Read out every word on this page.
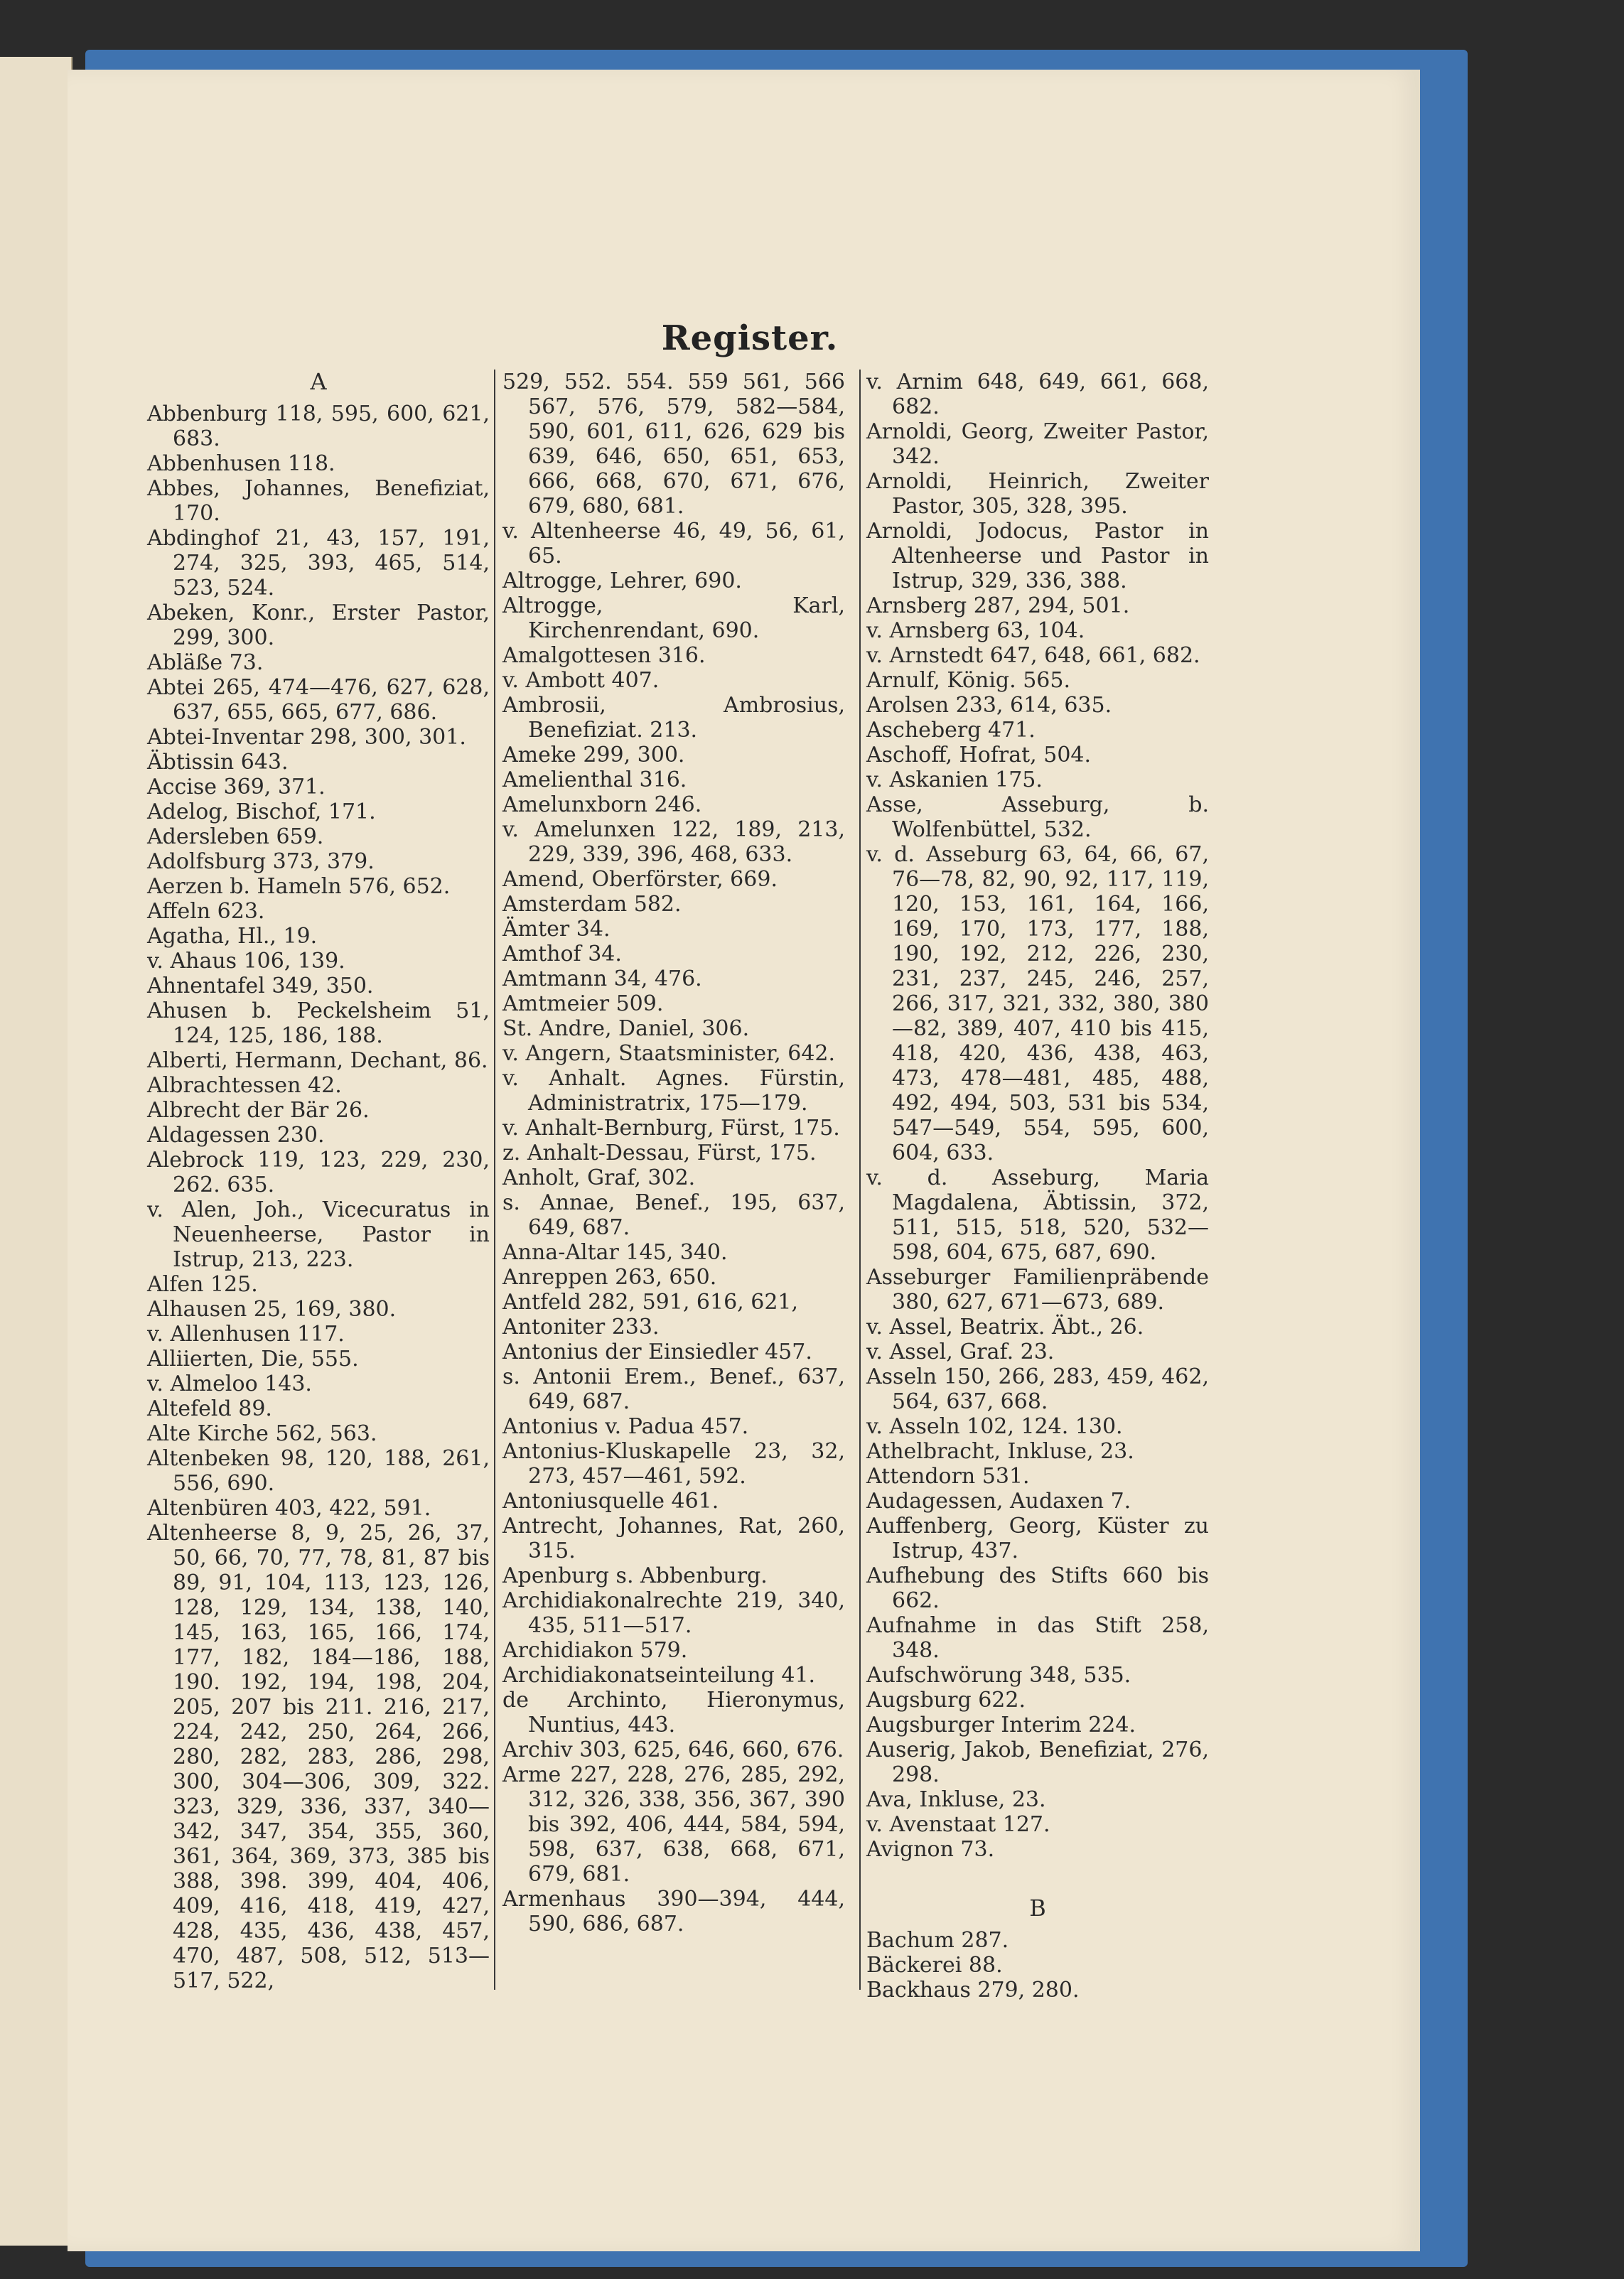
Register.
A
Abbenburg 118, 595, 600, 621, 683.
Abbenhusen 118.
Abbes, Johannes, Benefiziat, 170.
Abdinghof 21, 43, 157, 191, 274, 325, 393, 465, 514, 523, 524.
Abeken, Konr., Erster Pastor, 299, 300.
Abläße 73.
Abtei 265, 474—476, 627, 628, 637, 655, 665, 677, 686.
Abtei-Inventar 298, 300, 301.
Äbtissin 643.
Accise 369, 371.
Adelog, Bischof, 171.
Adersleben 659.
Adolfsburg 373, 379.
Aerzen b. Hameln 576, 652.
Affeln 623.
Agatha, Hl., 19.
v. Ahaus 106, 139.
Ahnentafel 349, 350.
Ahusen b. Peckelsheim 51, 124, 125, 186, 188.
Alberti, Hermann, Dechant, 86.
Albrachtessen 42.
Albrecht der Bär 26.
Aldagessen 230.
Alebrock 119, 123, 229, 230, 262. 635.
v. Alen, Joh., Vicecuratus in Neuenheerse, Pastor in Istrup, 213, 223.
Alfen 125.
Alhausen 25, 169, 380.
v. Allenhusen 117.
Alliierten, Die, 555.
v. Almeloo 143.
Altefeld 89.
Alte Kirche 562, 563.
Altenbeken 98, 120, 188, 261, 556, 690.
Altenbüren 403, 422, 591.
Altenheerse 8, 9, 25, 26, 37, 50, 66, 70, 77, 78, 81, 87 bis 89, 91, 104, 113, 123, 126, 128, 129, 134, 138, 140, 145, 163, 165, 166, 174, 177, 182, 184—186, 188, 190. 192, 194, 198, 204, 205, 207 bis 211. 216, 217, 224, 242, 250, 264, 266, 280, 282, 283, 286, 298, 300, 304—306, 309, 322. 323, 329, 336, 337, 340—342, 347, 354, 355, 360, 361, 364, 369, 373, 385 bis 388, 398. 399, 404, 406, 409, 416, 418, 419, 427, 428, 435, 436, 438, 457, 470, 487, 508, 512, 513—517, 522,
529, 552. 554. 559 561, 566 567, 576, 579, 582—584, 590, 601, 611, 626, 629 bis 639, 646, 650, 651, 653, 666, 668, 670, 671, 676, 679, 680, 681.
v. Altenheerse 46, 49, 56, 61, 65.
Altrogge, Lehrer, 690.
Altrogge, Karl, Kirchenrendant, 690.
Amalgottesen 316.
v. Ambott 407.
Ambrosii, Ambrosius, Benefiziat. 213.
Ameke 299, 300.
Amelienthal 316.
Amelunxborn 246.
v. Amelunxen 122, 189, 213, 229, 339, 396, 468, 633.
Amend, Oberförster, 669.
Amsterdam 582.
Ämter 34.
Amthof 34.
Amtmann 34, 476.
Amtmeier 509.
St. Andre, Daniel, 306.
v. Angern, Staatsminister, 642.
v. Anhalt. Agnes. Fürstin, Administratrix, 175—179.
v. Anhalt-Bernburg, Fürst, 175.
z. Anhalt-Dessau, Fürst, 175.
Anholt, Graf, 302.
s. Annae, Benef., 195, 637, 649, 687.
Anna-Altar 145, 340.
Anreppen 263, 650.
Antfeld 282, 591, 616, 621,
Antoniter 233.
Antonius der Einsiedler 457.
s. Antonii Erem., Benef., 637, 649, 687.
Antonius v. Padua 457.
Antonius-Kluskapelle 23, 32, 273, 457—461, 592.
Antoniusquelle 461.
Antrecht, Johannes, Rat, 260, 315.
Apenburg s. Abbenburg.
Archidiakonalrechte 219, 340, 435, 511—517.
Archidiakon 579.
Archidiakonatseinteilung 41.
de Archinto, Hieronymus, Nuntius, 443.
Archiv 303, 625, 646, 660, 676.
Arme 227, 228, 276, 285, 292, 312, 326, 338, 356, 367, 390 bis 392, 406, 444, 584, 594, 598, 637, 638, 668, 671, 679, 681.
Armenhaus 390—394, 444, 590, 686, 687.
v. Arnim 648, 649, 661, 668, 682.
Arnoldi, Georg, Zweiter Pastor, 342.
Arnoldi, Heinrich, Zweiter Pastor, 305, 328, 395.
Arnoldi, Jodocus, Pastor in Altenheerse und Pastor in Istrup, 329, 336, 388.
Arnsberg 287, 294, 501.
v. Arnsberg 63, 104.
v. Arnstedt 647, 648, 661, 682.
Arnulf, König. 565.
Arolsen 233, 614, 635.
Ascheberg 471.
Aschoff, Hofrat, 504.
v. Askanien 175.
Asse, Asseburg, b. Wolfenbüttel, 532.
v. d. Asseburg 63, 64, 66, 67, 76—78, 82, 90, 92, 117, 119, 120, 153, 161, 164, 166, 169, 170, 173, 177, 188, 190, 192, 212, 226, 230, 231, 237, 245, 246, 257, 266, 317, 321, 332, 380, 380—82, 389, 407, 410 bis 415, 418, 420, 436, 438, 463, 473, 478—481, 485, 488, 492, 494, 503, 531 bis 534, 547—549, 554, 595, 600, 604, 633.
v. d. Asseburg, Maria Magdalena, Äbtissin, 372, 511, 515, 518, 520, 532—598, 604, 675, 687, 690.
Asseburger Familienpräbende 380, 627, 671—673, 689.
v. Assel, Beatrix. Äbt., 26.
v. Assel, Graf. 23.
Asseln 150, 266, 283, 459, 462, 564, 637, 668.
v. Asseln 102, 124. 130.
Athelbracht, Inkluse, 23.
Attendorn 531.
Audagessen, Audaxen 7.
Auffenberg, Georg, Küster zu Istrup, 437.
Aufhebung des Stifts 660 bis 662.
Aufnahme in das Stift 258, 348.
Aufschwörung 348, 535.
Augsburg 622.
Augsburger Interim 224.
Auserig, Jakob, Benefiziat, 276, 298.
Ava, Inkluse, 23.
v. Avenstaat 127.
Avignon 73.
B
Bachum 287.
Bäckerei 88.
Backhaus 279, 280.
